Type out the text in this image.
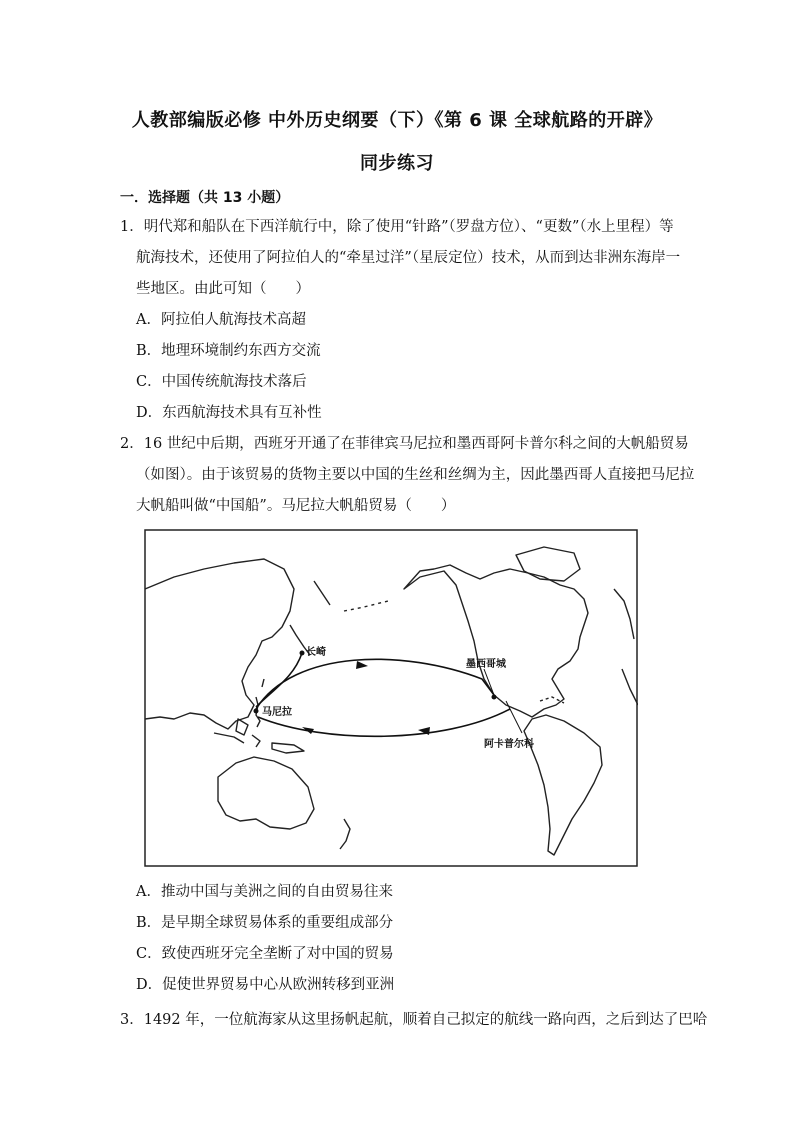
人教部编版必修 中外历史纲要（下）《第 6 课 全球航路的开辟》
同步练习
一．选择题（共 13 小题）
1．明代郑和船队在下西洋航行中，除了使用“针路”（罗盘方位）、“更数”（水上里程）等
航海技术，还使用了阿拉伯人的“牵星过洋”（星辰定位）技术，从而到达非洲东海岸一
些地区。由此可知（　　）
A．阿拉伯人航海技术高超
B．地理环境制约东西方交流
C．中国传统航海技术落后
D．东西航海技术具有互补性
2．16 世纪中后期，西班牙开通了在菲律宾马尼拉和墨西哥阿卡普尔科之间的大帆船贸易
（如图）。由于该贸易的货物主要以中国的生丝和丝绸为主，因此墨西哥人直接把马尼拉
大帆船叫做“中国船”。马尼拉大帆船贸易（　　）
长崎
马尼拉
墨西哥城
阿卡普尔科
A．推动中国与美洲之间的自由贸易往来
B．是早期全球贸易体系的重要组成部分
C．致使西班牙完全垄断了对中国的贸易
D．促使世界贸易中心从欧洲转移到亚洲
3．1492 年，一位航海家从这里扬帆起航，顺着自己拟定的航线一路向西，之后到达了巴哈
